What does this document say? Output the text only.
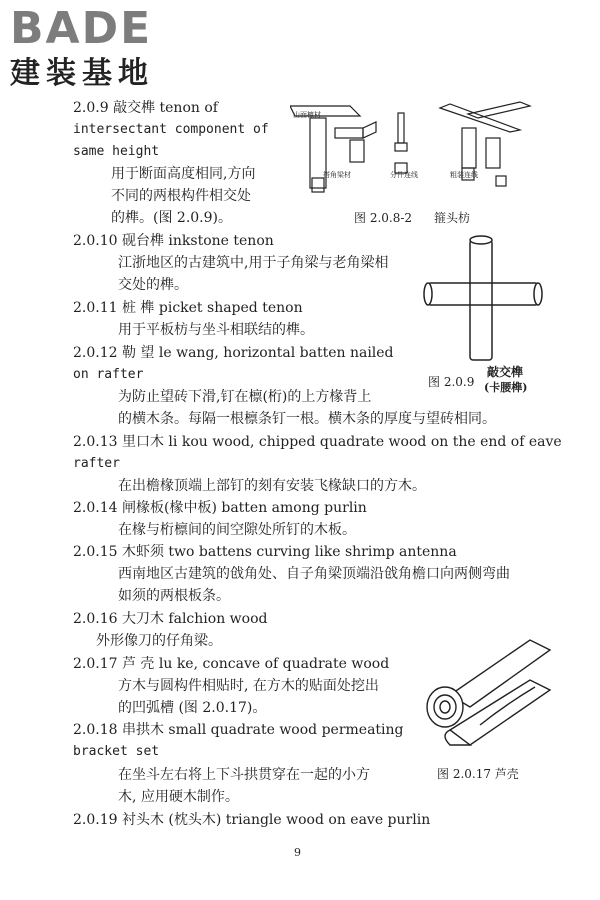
BADE
建装基地
2.0.9 敲交榫 tenon of
intersectant component of
same height
用于断面高度相同,方向
不同的两根构件相交处
的榫。(图 2.0.9)。
2.0.10 砚台榫 inkstone tenon
江浙地区的古建筑中,用于子角梁与老角梁相
交处的榫。
2.0.11 桩 榫 picket shaped tenon
用于平板枋与坐斗相联结的榫。
2.0.12 勒 望 le wang, horizontal batten nailed
on rafter
为防止望砖下滑,钉在檩(桁)的上方椽背上
的横木条。每隔一根檩条钉一根。横木条的厚度与望砖相同。
2.0.13 里口木 li kou wood, chipped quadrate wood on the end of eave
rafter
在出檐椽顶端上部钉的刻有安装飞椽缺口的方木。
2.0.14 闸椽板(椽中板) batten among purlin
在椽与桁檩间的间空隙处所钉的木板。
2.0.15 木虾须 two battens curving like shrimp antenna
西南地区古建筑的戗角处、自子角梁顶端沿戗角檐口向两侧弯曲
如须的两根板条。
2.0.16 大刀木 falchion wood
外形像刀的仔角梁。
2.0.17 芦 壳 lu ke, concave of quadrate wood
方木与圆构件相贴时, 在方木的贴面处挖出
的凹弧槽 (图 2.0.17)。
2.0.18 串拱木 small quadrate wood permeating
bracket set
在坐斗左右将上下斗拱贯穿在一起的小方
木, 应用硬木制作。
2.0.19 衬头木 (枕头木) triangle wood on eave purlin
山面檩材
搭角梁材	分件连线	粗装连线
图 2.0.8-2 箍头枋
图 2.0.9
敲交榫
(卡腰榫)
图 2.0.17 芦壳
9
